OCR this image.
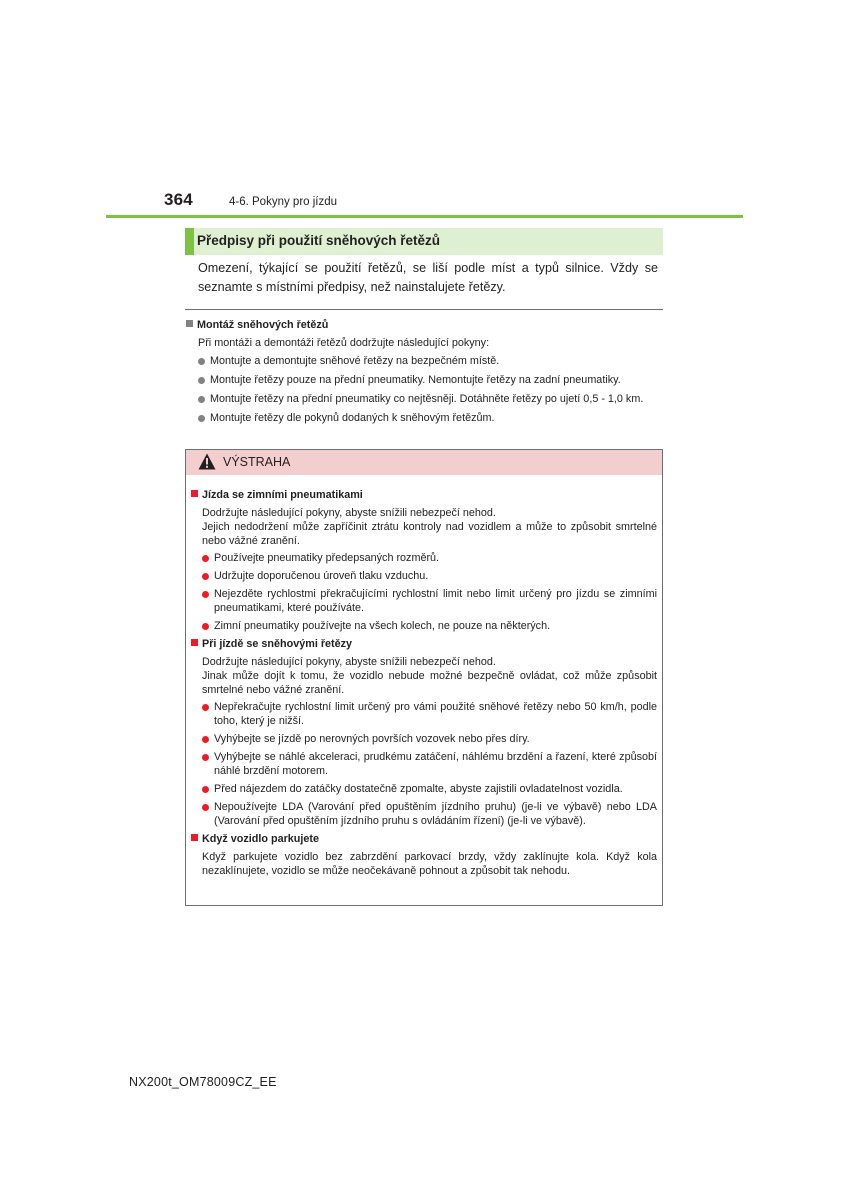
364	4-6. Pokyny pro jízdu
Předpisy při použití sněhových řetězů
Omezení, týkající se použití řetězů, se liší podle míst a typů silnice. Vždy se seznamte s místními předpisy, než nainstalujete řetězy.
Montáž sněhových řetězů
Při montáži a demontáži řetězů dodržujte následující pokyny:
Montujte a demontujte sněhové řetězy na bezpečném místě.
Montujte řetězy pouze na přední pneumatiky. Nemontujte řetězy na zadní pneumatiky.
Montujte řetězy na přední pneumatiky co nejtěsněji. Dotáhněte řetězy po ujetí 0,5 - 1,0 km.
Montujte řetězy dle pokynů dodaných k sněhovým řetězům.
VÝSTRAHA
Jízda se zimními pneumatikami
Dodržujte následující pokyny, abyste snížili nebezpečí nehod.
Jejich nedodržení může zapříčinit ztrátu kontroly nad vozidlem a může to způsobit smrtelné nebo vážné zranění.
Používejte pneumatiky předepsaných rozměrů.
Udržujte doporučenou úroveň tlaku vzduchu.
Nejezděte rychlostmi překračujícími rychlostní limit nebo limit určený pro jízdu se zimními pneumatikami, které používáte.
Zimní pneumatiky používejte na všech kolech, ne pouze na některých.
Při jízdě se sněhovými řetězy
Dodržujte následující pokyny, abyste snížili nebezpečí nehod.
Jinak může dojít k tomu, že vozidlo nebude možné bezpečně ovládat, což může způsobit smrtelné nebo vážné zranění.
Nepřekračujte rychlostní limit určený pro vámi použité sněhové řetězy nebo 50 km/h, podle toho, který je nižší.
Vyhýbejte se jízdě po nerovných površích vozovek nebo přes díry.
Vyhýbejte se náhlé akceleraci, prudkému zatáčení, náhlému brzdění a řazení, které způsobí náhlé brzdění motorem.
Před nájezdem do zatáčky dostatečně zpomalte, abyste zajistili ovladatelnost vozidla.
Nepoužívejte LDA (Varování před opuštěním jízdního pruhu) (je-li ve výbavě) nebo LDA (Varování před opuštěním jízdního pruhu s ovládáním řízení) (je-li ve výbavě).
Když vozidlo parkujete
Když parkujete vozidlo bez zabrzdění parkovací brzdy, vždy zaklínujte kola. Když kola nezaklínujete, vozidlo se může neočekávaně pohnout a způsobit tak nehodu.
NX200t_OM78009CZ_EE
